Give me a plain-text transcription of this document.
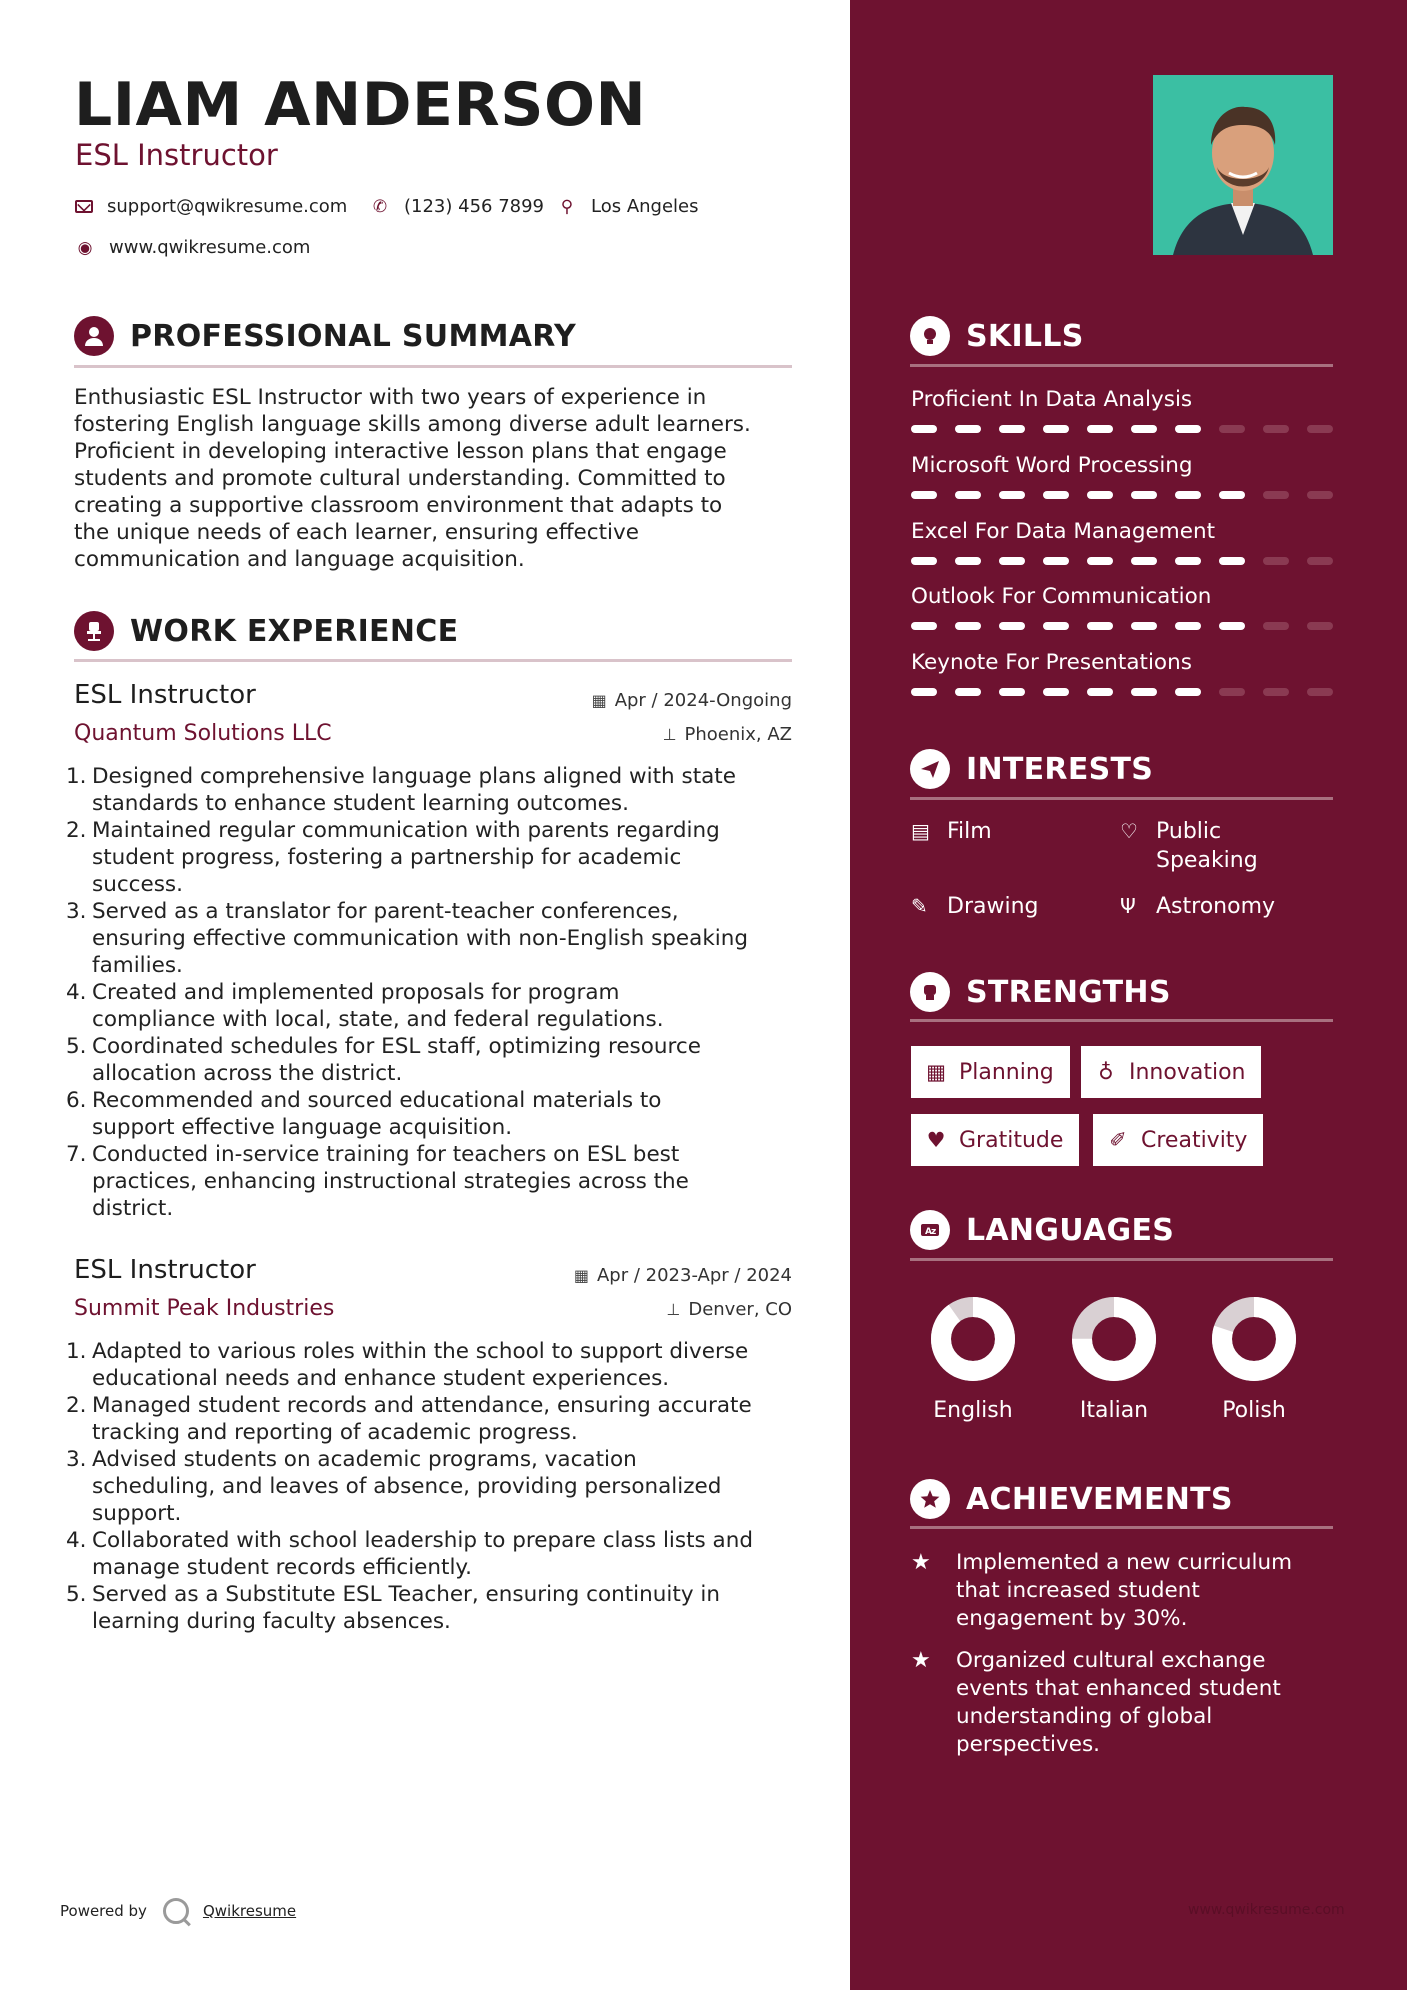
LIAM ANDERSON
ESL Instructor
support@qwikresume.com ✆ (123) 456 7899 ⚲ Los Angeles
◉ www.qwikresume.com
PROFESSIONAL SUMMARY
Enthusiastic ESL Instructor with two years of experience in
fostering English language skills among diverse adult learners.
Proficient in developing interactive lesson plans that engage
students and promote cultural understanding. Committed to
creating a supportive classroom environment that adapts to
the unique needs of each learner, ensuring effective
communication and language acquisition.
WORK EXPERIENCE
ESL Instructor	▦ Apr / 2024-Ongoing
Quantum Solutions LLC	⊥ Phoenix, AZ
1. Designed comprehensive language plans aligned with state
standards to enhance student learning outcomes.
2. Maintained regular communication with parents regarding
student progress, fostering a partnership for academic
success.
3. Served as a translator for parent-teacher conferences,
ensuring effective communication with non-English speaking
families.
4. Created and implemented proposals for program
compliance with local, state, and federal regulations.
5. Coordinated schedules for ESL staff, optimizing resource
allocation across the district.
6. Recommended and sourced educational materials to
support effective language acquisition.
7. Conducted in-service training for teachers on ESL best
practices, enhancing instructional strategies across the
district.
ESL Instructor	▦ Apr / 2023-Apr / 2024
Summit Peak Industries	⊥ Denver, CO
1. Adapted to various roles within the school to support diverse
educational needs and enhance student experiences.
2. Managed student records and attendance, ensuring accurate
tracking and reporting of academic progress.
3. Advised students on academic programs, vacation
scheduling, and leaves of absence, providing personalized
support.
4. Collaborated with school leadership to prepare class lists and
manage student records efficiently.
5. Served as a Substitute ESL Teacher, ensuring continuity in
learning during faculty absences.
Powered by	Qwikresume
SKILLS
Proficient In Data Analysis
Microsoft Word Processing
Excel For Data Management
Outlook For Communication
Keynote For Presentations
INTERESTS
▤ Film	♡ Public
Speaking
✎ Drawing	Ψ Astronomy
STRENGTHS
▦ Planning ♁ Innovation
♥ Gratitude ✐ Creativity
A
z LANGUAGES
English	Italian	Polish
ACHIEVEMENTS
★	Implemented a new curriculum
that increased student
engagement by 30%.
★	Organized cultural exchange
events that enhanced student
understanding of global
perspectives.
www.qwikresume.com
